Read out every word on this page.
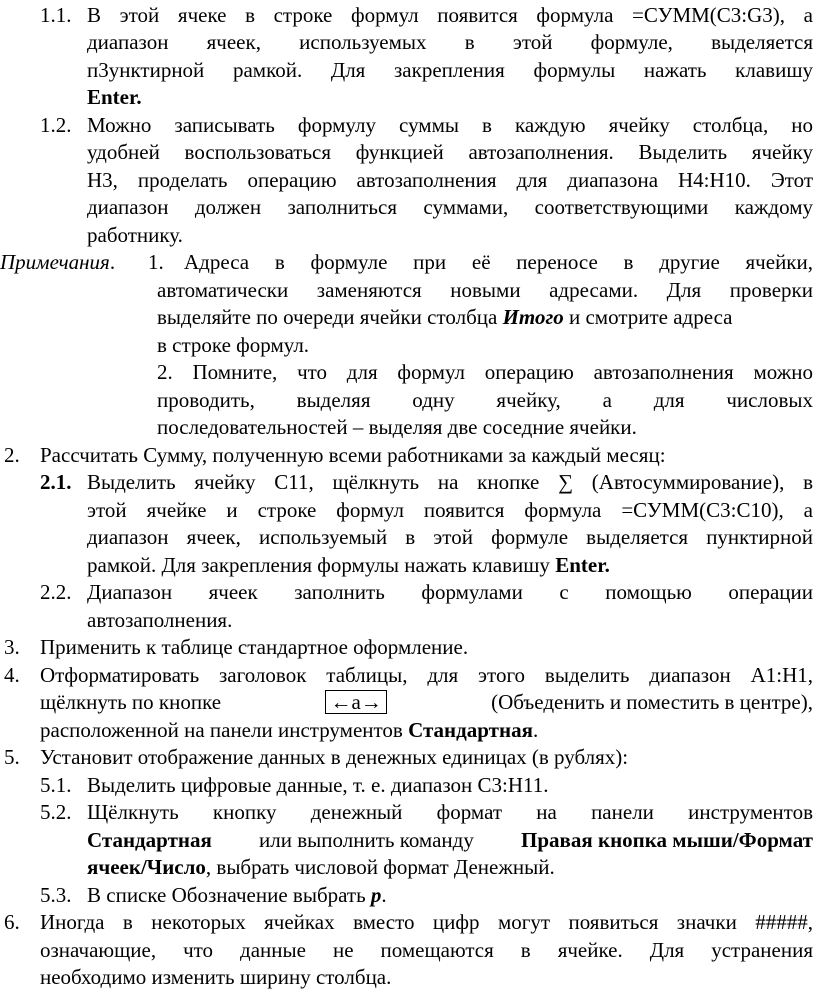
1.1. В этой ячеке в строке формул появится формула =СУММ(С3:G3), а
диапазон ячеек, используемых в этой формуле, выделяется
п3унктирной рамкой. Для закрепления формулы нажать клавишу
Enter.
1.2. Можно записывать формулу суммы в каждую ячейку столбца, но
удобней воспользоваться функцией автозаполнения. Выделить ячейку
Н3, проделать операцию автозаполнения для диапазона Н4:Н10. Этот
диапазон должен заполниться суммами, соответствующими каждому
работнику.
Примечания. 1. Адреса в формуле при её переносе в другие ячейки,
автоматически заменяются новыми адресами. Для проверки
выделяйте по очереди ячейки столбца Итого и смотрите адреса
в строке формул.
2. Помните, что для формул операцию автозаполнения можно
проводить, выделяя одну ячейку, а для числовых
последовательностей – выделяя две соседние ячейки.
2. Рассчитать Сумму, полученную всеми работниками за каждый месяц:
2.1. Выделить ячейку С11, щёлкнуть на кнопке ∑ (Автосуммирование), в
этой ячейке и строке формул появится формула =СУММ(С3:С10), а
диапазон ячеек, используемый в этой формуле выделяется пунктирной
рамкой. Для закрепления формулы нажать клавишу Enter.
2.2. Диапазон ячеек заполнить формулами с помощью операции
автозаполнения.
3. Применить к таблице стандартное оформление.
4. Отформатировать заголовок таблицы, для этого выделить диапазон А1:Н1,
щёлкнуть по кнопке	←a→	(Объеденить и поместить в центре),
расположенной на панели инструментов Стандартная.
5. Установит отображение данных в денежных единицах (в рублях):
5.1. Выделить цифровые данные, т. е. диапазон С3:Н11.
5.2. Щёлкнуть кнопку денежный формат на панели инструментов
Стандартная или выполнить команду Правая кнопка мыши/Формат
ячеек/Число, выбрать числовой формат Денежный.
5.3. В списке Обозначение выбрать р.
6. Иногда в некоторых ячейках вместо цифр могут появиться значки #####,
означающие, что данные не помещаются в ячейке. Для устранения
необходимо изменить ширину столбца.
